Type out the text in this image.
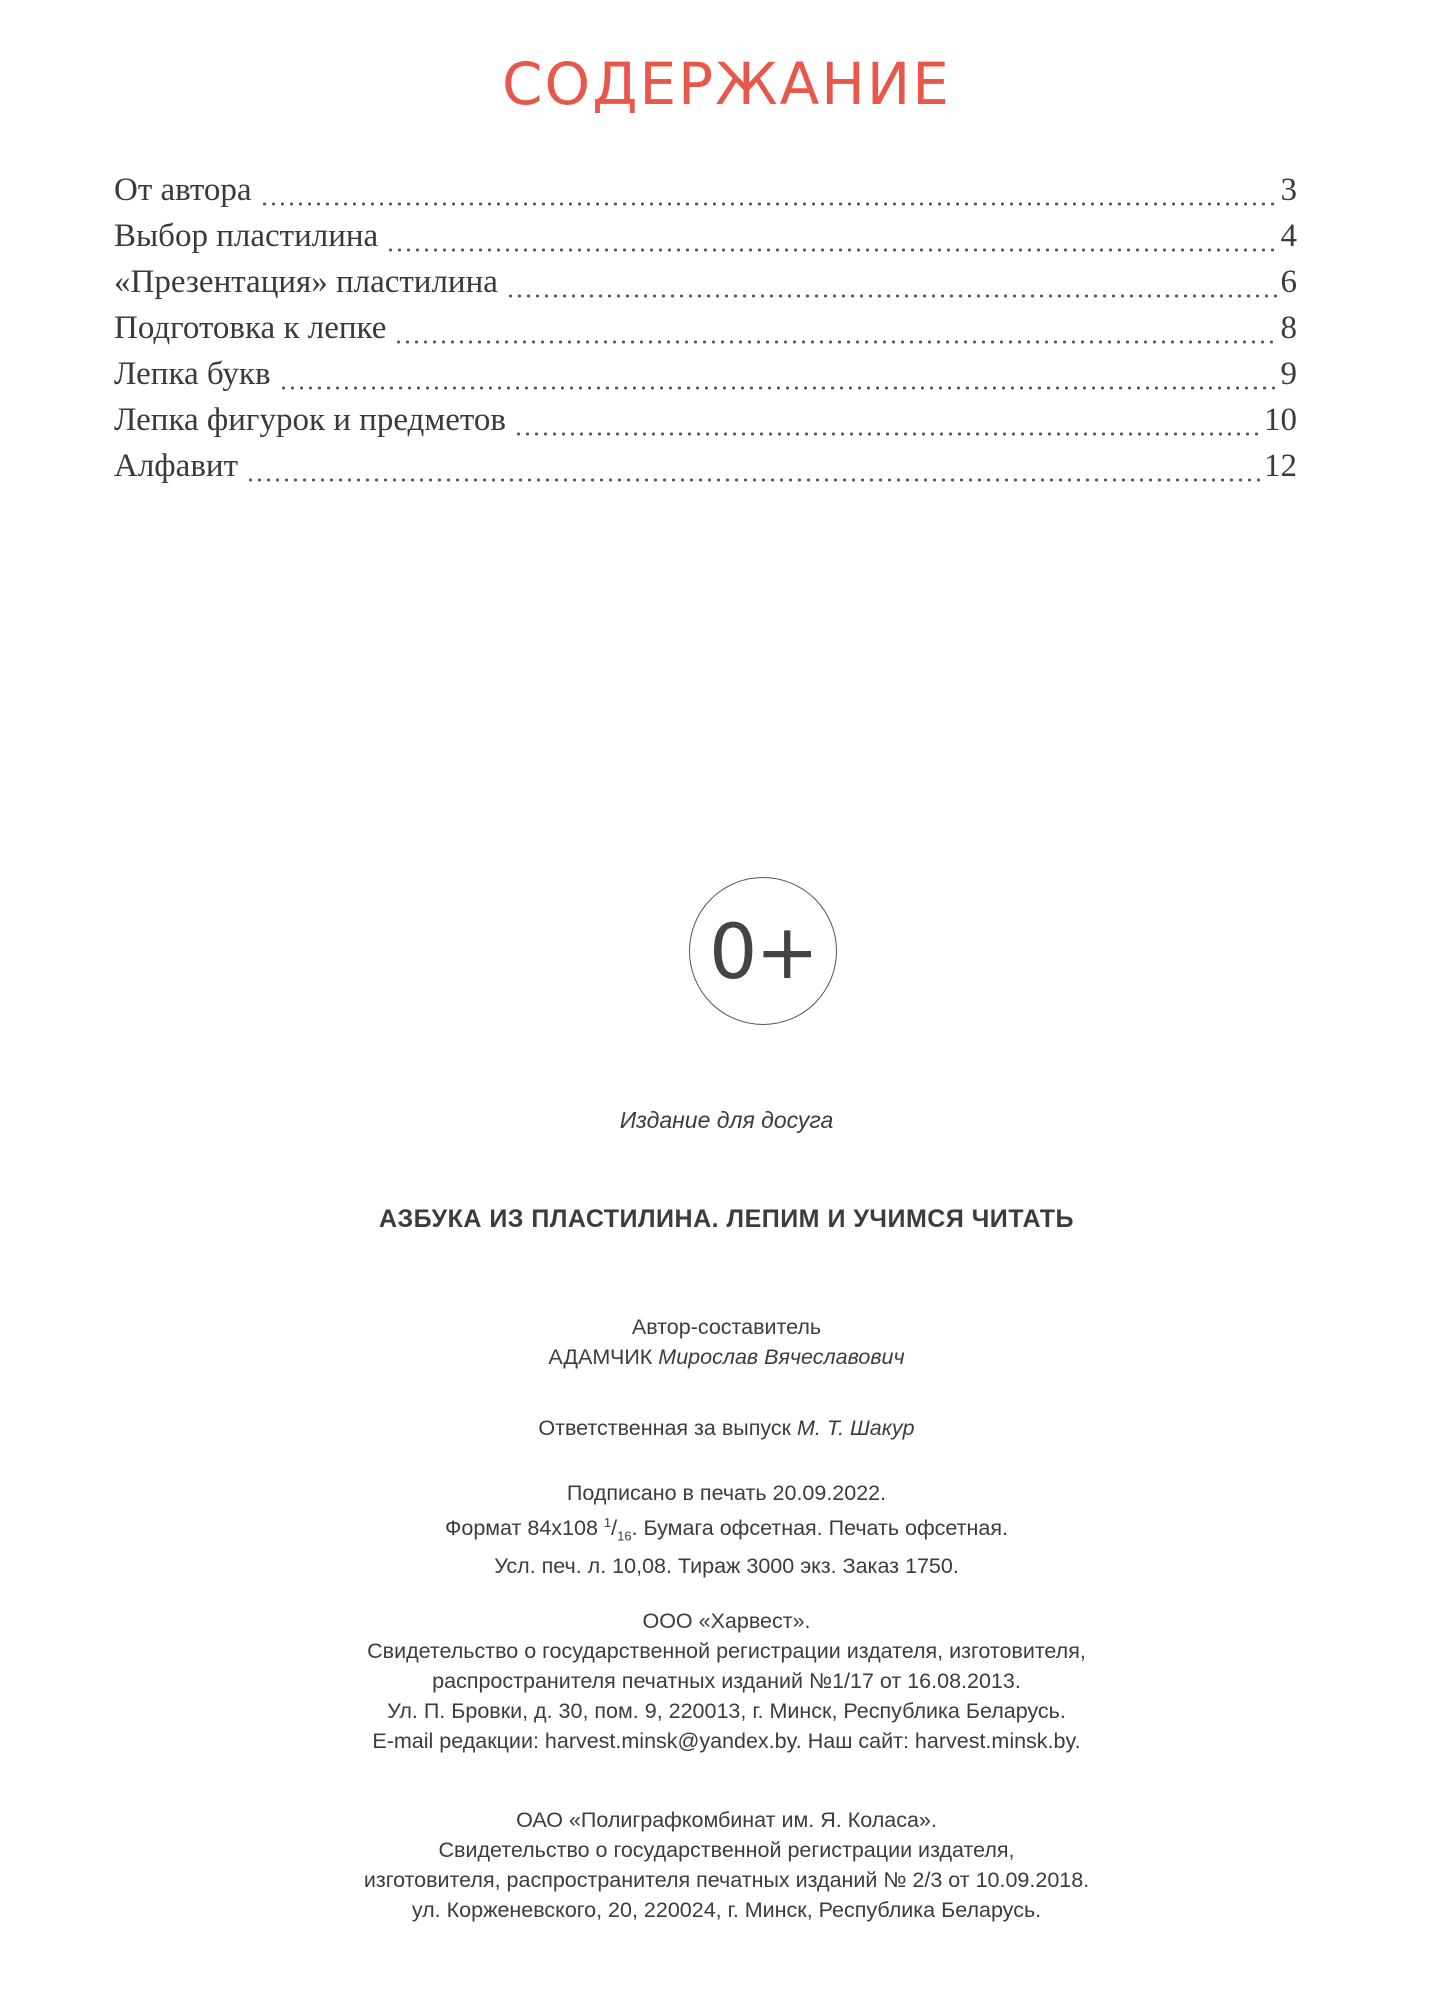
СОДЕРЖАНИЕ
От автора	3
Выбор пластилина	4
«Презентация» пластилина	6
Подготовка к лепке	8
Лепка букв	9
Лепка фигурок и предметов	10
Алфавит	12
0+
Издание для досуга
АЗБУКА ИЗ ПЛАСТИЛИНА. ЛЕПИМ И УЧИМСЯ ЧИТАТЬ
Автор-составитель
АДАМЧИК Мирослав Вячеславович
Ответственная за выпуск М. Т. Шакур
Подписано в печать 20.09.2022.
Формат 84х108 $^1/_{16}$. Бумага офсетная. Печать офсетная.
Усл. печ. л. 10,08. Тираж 3000 экз. Заказ 1750.
ООО «Харвест».
Свидетельство о государственной регистрации издателя, изготовителя,
распространителя печатных изданий №1/17 от 16.08.2013.
Ул. П. Бровки, д. 30, пом. 9, 220013, г. Минск, Республика Беларусь.
E-mail редакции: harvest.minsk@yandex.by. Наш сайт: harvest.minsk.by.
ОАО «Полиграфкомбинат им. Я. Коласа».
Свидетельство о государственной регистрации издателя,
изготовителя, распространителя печатных изданий № 2/3 от 10.09.2018.
ул. Корженевского, 20, 220024, г. Минск, Республика Беларусь.
